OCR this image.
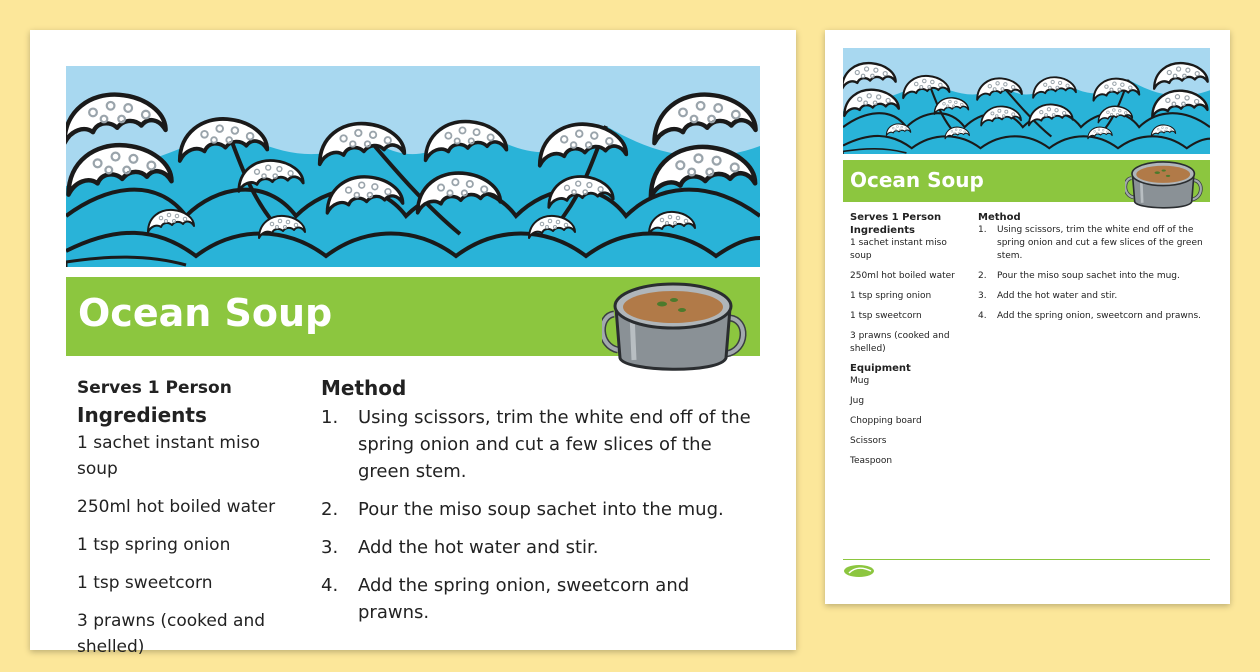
Ocean Soup
Serves 1 Person
Ingredients
1 sachet instant miso soup
250ml hot boiled water
1 tsp spring onion
1 tsp sweetcorn
3 prawns (cooked and shelled)
Method
1.	Using scissors, trim the white end off of the spring onion and cut a few slices of the green stem.
2.	Pour the miso soup sachet into the mug.
3.	Add the hot water and stir.
4.	Add the spring onion, sweetcorn and prawns.
Ocean Soup
Serves 1 Person
Ingredients
1 sachet instant miso soup
250ml hot boiled water
1 tsp spring onion
1 tsp sweetcorn
3 prawns (cooked and shelled)
Equipment
Mug
Jug
Chopping board
Scissors
Teaspoon
Method
1.	Using scissors, trim the white end off of the spring onion and cut a few slices of the green stem.
2.	Pour the miso soup sachet into the mug.
3.	Add the hot water and stir.
4.	Add the spring onion, sweetcorn and prawns.
